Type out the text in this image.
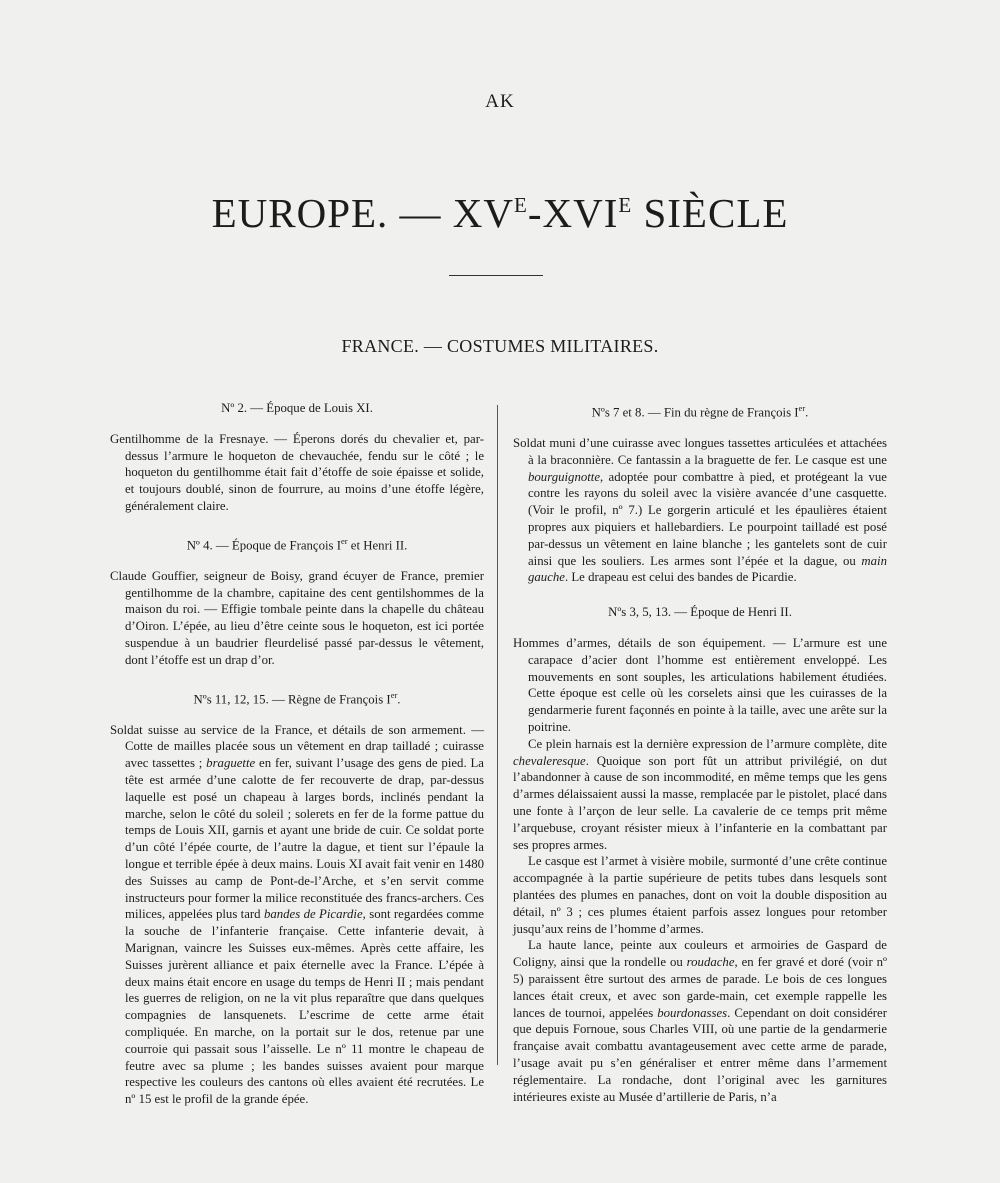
AK
EUROPE. — $XV^E-XVI^E$ SIÈCLE
FRANCE. — COSTUMES MILITAIRES.
Nº 2. — Époque de Louis XI.
Gentilhomme de la Fresnaye. — Éperons dorés du chevalier et, par-dessus l’armure le hoqueton de chevauchée, fendu sur le côté ; le hoqueton du gentilhomme était fait d’étoffe de soie épaisse et solide, et toujours doublé, sinon de fourrure, au moins d’une étoffe légère, généralement claire.
Nº 4. — Époque de François Ier et Henri II.
Claude Gouffier, seigneur de Boisy, grand écuyer de France, premier gentilhomme de la chambre, capitaine des cent gentilshommes de la maison du roi. — Effigie tombale peinte dans la chapelle du château d’Oiron. L’épée, au lieu d’être ceinte sous le hoqueton, est ici portée suspendue à un baudrier fleurdelisé passé par-dessus le vêtement, dont l’étoffe est un drap d’or.
Nºs 11, 12, 15. — Règne de François Ier.
Soldat suisse au service de la France, et détails de son armement. — Cotte de mailles placée sous un vêtement en drap tailladé ; cuirasse avec tassettes ; braguette en fer, suivant l’usage des gens de pied. La tête est armée d’une calotte de fer recouverte de drap, par-dessus laquelle est posé un chapeau à larges bords, inclinés pendant la marche, selon le côté du soleil ; solerets en fer de la forme pattue du temps de Louis XII, garnis et ayant une bride de cuir. Ce soldat porte d’un côté l’épée courte, de l’autre la dague, et tient sur l’épaule la longue et terrible épée à deux mains. Louis XI avait fait venir en 1480 des Suisses au camp de Pont-de-l’Arche, et s’en servit comme instructeurs pour former la milice reconstituée des francs-archers. Ces milices, appelées plus tard bandes de Picardie, sont regardées comme la souche de l’infanterie française. Cette infanterie devait, à Marignan, vaincre les Suisses eux-mêmes. Après cette affaire, les Suisses jurèrent alliance et paix éternelle avec la France. L’épée à deux mains était encore en usage du temps de Henri II ; mais pendant les guerres de religion, on ne la vit plus reparaître que dans quelques compagnies de lansquenets. L’escrime de cette arme était compliquée. En marche, on la portait sur le dos, retenue par une courroie qui passait sous l’aisselle. Le nº 11 montre le chapeau de feutre avec sa plume ; les bandes suisses avaient pour marque respective les couleurs des cantons où elles avaient été recrutées. Le nº 15 est le profil de la grande épée.
Nºs 7 et 8. — Fin du règne de François Ier.
Soldat muni d’une cuirasse avec longues tassettes articulées et attachées à la braconnière. Ce fantassin a la braguette de fer. Le casque est une bourguignotte, adoptée pour combattre à pied, et protégeant la vue contre les rayons du soleil avec la visière avancée d’une casquette. (Voir le profil, nº 7.) Le gorgerin articulé et les épaulières étaient propres aux piquiers et hallebardiers. Le pourpoint tailladé est posé par-dessus un vêtement en laine blanche ; les gantelets sont de cuir ainsi que les souliers. Les armes sont l’épée et la dague, ou main gauche. Le drapeau est celui des bandes de Picardie.
Nºs 3, 5, 13. — Époque de Henri II.
Hommes d’armes, détails de son équipement. — L’armure est une carapace d’acier dont l’homme est entièrement enveloppé. Les mouvements en sont souples, les articulations habilement étudiées. Cette époque est celle où les corselets ainsi que les cuirasses de la gendarmerie furent façonnés en pointe à la taille, avec une arête sur la poitrine.
Ce plein harnais est la dernière expression de l’armure complète, dite chevaleresque. Quoique son port fût un attribut privilégié, on dut l’abandonner à cause de son incommodité, en même temps que les gens d’armes délaissaient aussi la masse, remplacée par le pistolet, placé dans une fonte à l’arçon de leur selle. La cavalerie de ce temps prit même l’arquebuse, croyant résister mieux à l’infanterie en la combattant par ses propres armes.
Le casque est l’armet à visière mobile, surmonté d’une crête continue accompagnée à la partie supérieure de petits tubes dans lesquels sont plantées des plumes en panaches, dont on voit la double disposition au détail, nº 3 ; ces plumes étaient parfois assez longues pour retomber jusqu’aux reins de l’homme d’armes.
La haute lance, peinte aux couleurs et armoiries de Gaspard de Coligny, ainsi que la rondelle ou roudache, en fer gravé et doré (voir nº 5) paraissent être surtout des armes de parade. Le bois de ces longues lances était creux, et avec son garde-main, cet exemple rappelle les lances de tournoi, appelées bourdonasses. Cependant on doit considérer que depuis Fornoue, sous Charles VIII, où une partie de la gendarmerie française avait combattu avantageusement avec cette arme de parade, l’usage avait pu s’en généraliser et entrer même dans l’armement réglementaire. La rondache, dont l’original avec les garnitures intérieures existe au Musée d’artillerie de Paris, n’a
